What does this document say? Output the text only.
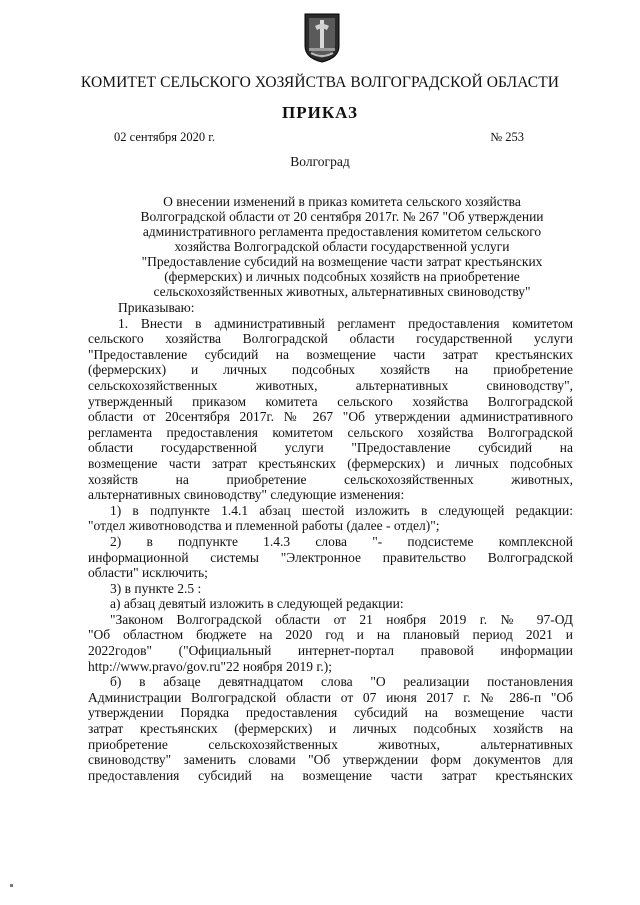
КОМИТЕТ СЕЛЬСКОГО ХОЗЯЙСТВА ВОЛГОГРАДСКОЙ ОБЛАСТИ
ПРИКАЗ
02 сентября 2020 г.	№ 253
Волгоград
О внесении изменений в приказ комитета сельского хозяйства
Волгоградской области от 20 сентября 2017г. № 267 "Об утверждении
административного регламента предоставления комитетом сельского
хозяйства Волгоградской области государственной услуги
"Предоставление субсидий на возмещение части затрат крестьянских
(фермерских) и личных подсобных хозяйств на приобретение
сельскохозяйственных животных, альтернативных свиноводству"
Приказываю:
1. Внести в административный регламент предоставления комитетом
сельского хозяйства Волгоградской области государственной услуги
"Предоставление субсидий на возмещение части затрат крестьянских
(фермерских) и личных подсобных хозяйств на приобретение
сельскохозяйственных животных, альтернативных свиноводству",
утвержденный приказом комитета сельского хозяйства Волгоградской
области от 20сентября 2017г. № 267 "Об утверждении административного
регламента предоставления комитетом сельского хозяйства Волгоградской
области государственной услуги "Предоставление субсидий на
возмещение части затрат крестьянских (фермерских) и личных подсобных
хозяйств на приобретение сельскохозяйственных животных,
альтернативных свиноводству" следующие изменения:
1) в подпункте 1.4.1 абзац шестой изложить в следующей редакции:
"отдел животноводства и племенной работы (далее - отдел)";
2) в подпункте 1.4.3 слова "- подсистеме комплексной
информационной системы "Электронное правительство Волгоградской
области" исключить;
3) в пункте 2.5 :
а) абзац девятый изложить в следующей редакции:
"Законом Волгоградской области от 21 ноября 2019 г. № 97-ОД
"Об областном бюджете на 2020 год и на плановый период 2021 и
2022годов" ("Официальный интернет-портал правовой информации
http://www.pravo/gov.ru"22 ноября 2019 г.);
б) в абзаце девятнадцатом слова "О реализации постановления
Администрации Волгоградской области от 07 июня 2017 г. № 286-п "Об
утверждении Порядка предоставления субсидий на возмещение части
затрат крестьянских (фермерских) и личных подсобных хозяйств на
приобретение сельскохозяйственных животных, альтернативных
свиноводству" заменить словами "Об утверждении форм документов для
предоставления субсидий на возмещение части затрат крестьянских
